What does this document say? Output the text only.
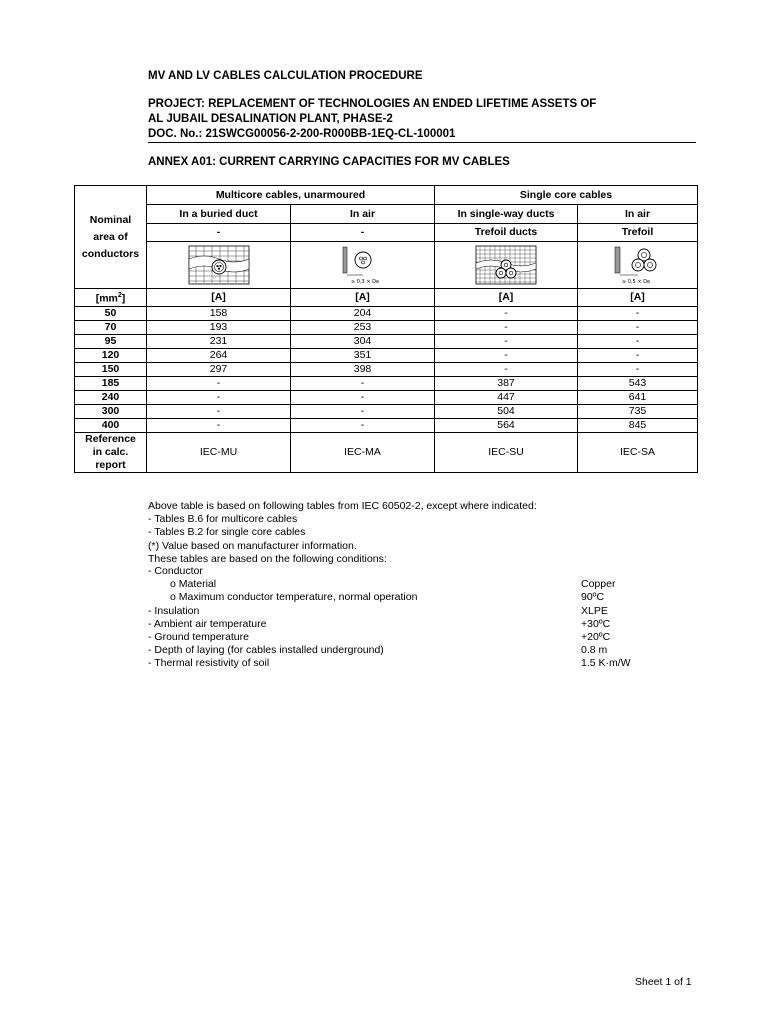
MV AND LV CABLES CALCULATION PROCEDURE
PROJECT: REPLACEMENT OF TECHNOLOGIES AN ENDED LIFETIME ASSETS OF
AL JUBAIL DESALINATION PLANT, PHASE-2
DOC. No.: 21SWCG00056-2-200-R000BB-1EQ-CL-100001
ANNEX A01: CURRENT CARRYING CAPACITIES FOR MV CABLES
Nominal
area of
conductors	Multicore cables, unarmoured		Single core cables	
	In a buried duct	In air	In single-way ducts	In air
	-	-	Trefoil ducts	Trefoil

≥ 0,3 × De		≥ 0,5 × De

$[mm^2]$	[A]	[A]	[A]	[A]
50	158	204	-	-
70	193	253	-	-
95	231	304	-	-
120	264	351	-	-
150	297	398	-	-
185	-	-	387	543
240	-	-	447	641
300	-	-	504	735
400	-	-	564	845
Reference
in calc.
report	IEC-MU	IEC-MA	IEC-SU	IEC-SA
Above table is based on following tables from IEC 60502-2, except where indicated:
- Tables B.6 for multicore cables
- Tables B.2 for single core cables
(*) Value based on manufacturer information.
These tables are based on the following conditions:
- Conductor
o Material	Copper
o Maximum conductor temperature, normal operation	90ºC
- Insulation	XLPE
- Ambient air temperature	+30ºC
- Ground temperature	+20ºC
- Depth of laying (for cables installed underground)	0.8 m
- Thermal resistivity of soil	1.5 K·m/W
Sheet 1 of 1
